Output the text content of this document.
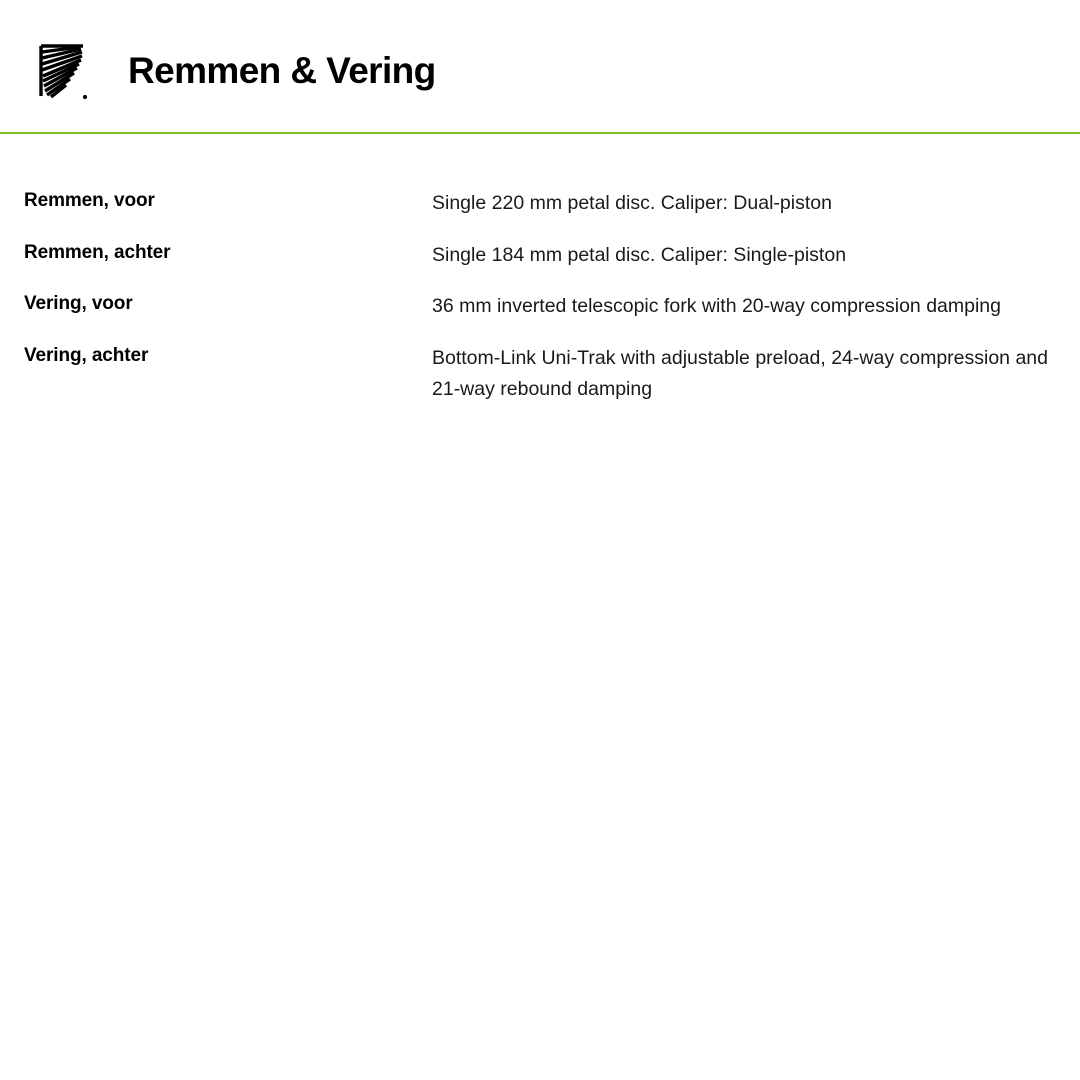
Remmen & Vering
Remmen, voor	Single 220 mm petal disc. Caliper: Dual-piston
Remmen, achter	Single 184 mm petal disc. Caliper: Single-piston
Vering, voor	36 mm inverted telescopic fork with 20-way compression damping
Vering, achter	Bottom-Link Uni-Trak with adjustable preload, 24-way compression and 21-way rebound damping
